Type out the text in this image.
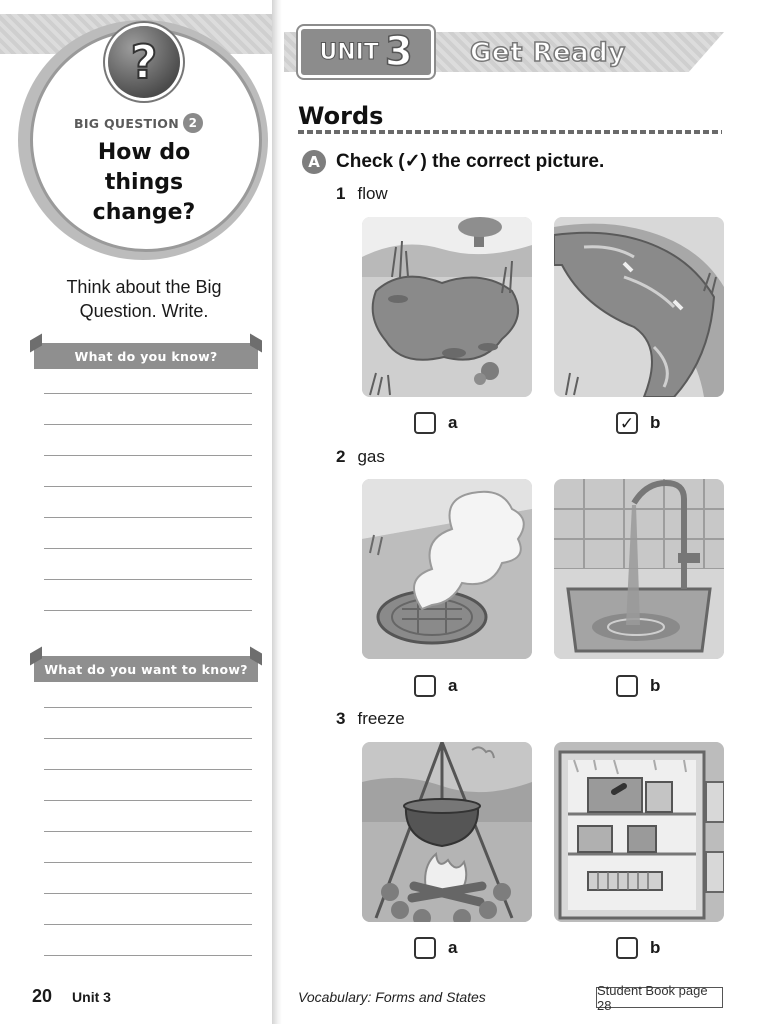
?
BIG QUESTION 2
How do things change?
Think about the Big Question. Write.
What do you know?
What do you want to know?
20 Unit 3
UNIT 3 Get Ready
Words
A Check (✓) the correct picture.
1 flow
a	✓ b
2 gas
a	b
3 freeze
a	b
Vocabulary: Forms and States	Student Book page 28
